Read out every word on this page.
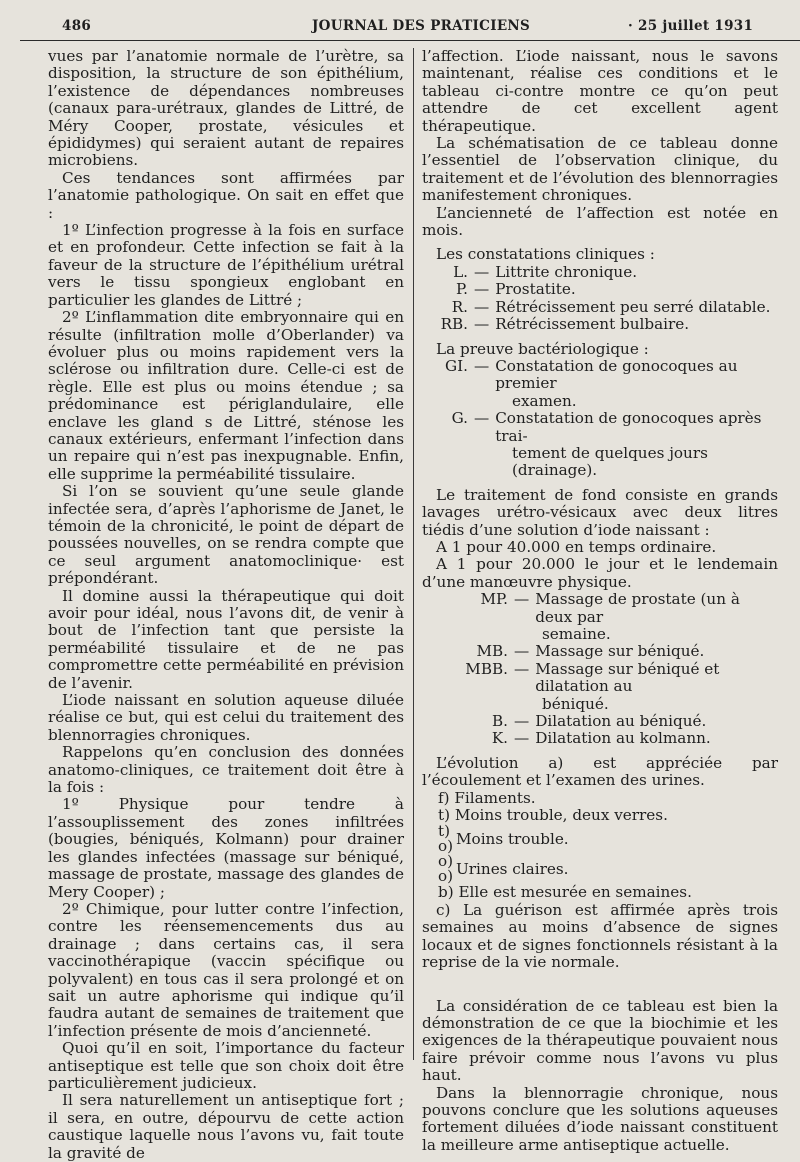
486	JOURNAL DES PRATICIENS	· 25 juillet 1931

vues par l’anatomie normale de l’urètre, sa disposition, la structure de son épithélium, l’existence de dépendances nombreuses (canaux para-urétraux, glandes de Littré, de Méry Cooper, prostate, vésicules et épididymes) qui seraient autant de repaires microbiens.

Ces tendances sont affirmées par l’anatomie pathologique. On sait en effet que :

1º L’infection progresse à la fois en surface et en profondeur. Cette infection se fait à la faveur de la structure de l’épithélium urétral vers le tissu spongieux englobant en particulier les glandes de Littré ;

2º L’inflammation dite embryonnaire qui en résulte (infiltration molle d’Oberlander) va évoluer plus ou moins rapidement vers la sclérose ou infiltration dure. Celle-ci est de règle. Elle est plus ou moins étendue ; sa prédominance est périglandulaire, elle enclave les gland s de Littré, sténose les canaux extérieurs, enfermant l’infection dans un repaire qui n’est pas inexpugnable. Enfin, elle supprime la perméabilité tissulaire.

Si l’on se souvient qu’une seule glande infectée sera, d’après l’aphorisme de Janet, le témoin de la chronicité, le point de départ de poussées nouvelles, on se rendra compte que ce seul argument anatomoclinique· est prépondérant.

Il domine aussi la thérapeutique qui doit avoir pour idéal, nous l’avons dit, de venir à bout de l’infection tant que persiste la perméabilité tissulaire et de ne pas compromettre cette perméabilité en prévision de l’avenir.

L’iode naissant en solution aqueuse diluée réalise ce but, qui est celui du traitement des blennorragies chroniques.

Rappelons qu’en conclusion des données anatomo-cliniques, ce traitement doit être à la fois :

1º Physique pour tendre à l’assouplissement des zones infiltrées (bougies, béniqués, Kolmann) pour drainer les glandes infectées (massage sur béniqué, massage de prostate, massage des glandes de Mery Cooper) ;

2º Chimique, pour lutter contre l’infection, contre les réensemencements dus au drainage ; dans certains cas, il sera vaccinothérapique (vaccin spécifique ou polyvalent) en tous cas il sera prolongé et on sait un autre aphorisme qui indique qu’il faudra autant de semaines de traitement que l’infection présente de mois d’ancienneté.

Quoi qu’il en soit, l’importance du facteur antiseptique est telle que son choix doit être particulièrement judicieux.

Il sera naturellement un antiseptique fort ; il sera, en outre, dépourvu de cette action caustique laquelle nous l’avons vu, fait toute la gravité de

l’affection. L’iode naissant, nous le savons maintenant, réalise ces conditions et le tableau ci-contre montre ce qu’on peut attendre de cet excellent agent thérapeutique.

La schématisation de ce tableau donne l’essentiel de l’observation clinique, du traitement et de l’évolution des blennorragies manifestement chroniques.

L’ancienneté de l’affection est notée en mois.

Les constatations cliniques :

L. — Littrite chronique.
P. — Prostatite.
R. — Rétrécissement peu serré dilatable.
RB. — Rétrécissement bulbaire.

La preuve bactériologique :

GI. — Constatation de gonocoques au premier
examen.
G. — Constatation de gonocoques après trai-
tement de quelques jours (drainage).

Le traitement de fond consiste en grands lavages urétro-vésicaux avec deux litres tiédis d’une solution d’iode naissant :

A 1 pour 40.000 en temps ordinaire.

A 1 pour 20.000 le jour et le lendemain d’une manœuvre physique.

MP. — Massage de prostate (un à deux par
semaine.
MB. — Massage sur béniqué.
MBB. — Massage sur béniqué et dilatation au
béniqué.
B. — Dilatation au béniqué.
K. — Dilatation au kolmann.

L’évolution a) est appréciée par l’écoulement et l’examen des urines.

f) Filaments.
t) Moins trouble, deux verres.
t)
o) Moins trouble.
o)
o) Urines claires.
b) Elle est mesurée en semaines.

c) La guérison est affirmée après trois semaines au moins d’absence de signes locaux et de signes fonctionnels résistant à la reprise de la vie normale.

La considération de ce tableau est bien la démonstration de ce que la biochimie et les exigences de la thérapeutique pouvaient nous faire prévoir comme nous l’avons vu plus haut.

Dans la blennorragie chronique, nous pouvons conclure que les solutions aqueuses fortement diluées d’iode naissant constituent la meilleure arme antiseptique actuelle.
